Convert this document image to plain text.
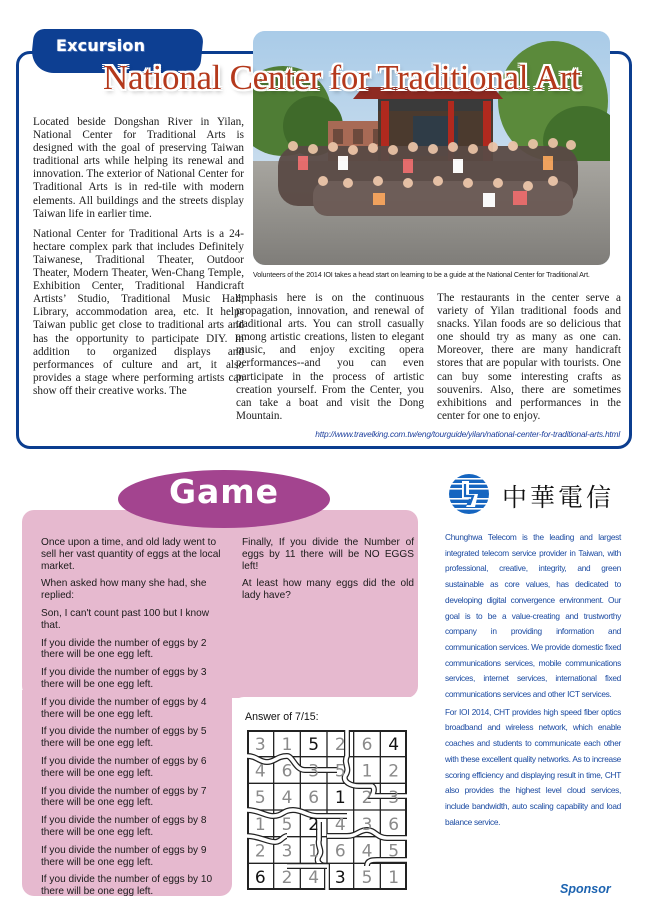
Excursion
National Center for Traditional Art
Volunteers of the 2014 IOI takes a head start on learning to be a guide at the National Center for Traditional Art.

Located beside Dongshan River in Yilan, National Center for Traditional Arts is designed with the goal of preserving Taiwan traditional arts while helping its renewal and innovation. The exterior of National Center for Traditional Arts is in red-tile with modern elements. All buildings and the streets display Taiwan life in earlier time.

National Center for Traditional Arts is a 24-hectare complex park that includes Definitely Taiwanese, Traditional Theater, Outdoor Theater, Modern Theater, Wen-Chang Temple, Exhibition Center, Traditional Handicraft Artists’ Studio, Traditional Music Hall, Library, accommodation area, etc. It helps Taiwan public get close to traditional arts and has the opportunity to participate DIY. In addition to organized displays and performances of culture and art, it also provides a stage where performing artists can show off their creative works. The

emphasis here is on the continuous propagation, innovation, and renewal of traditional arts. You can stroll casually among artistic creations, listen to elegant music, and enjoy exciting opera performances--and you can even participate in the process of artistic creation yourself. From the Center, you can take a boat and visit the Dong Mountain.

The restaurants in the center serve a variety of Yilan traditional foods and snacks. Yilan foods are so delicious that one should try as many as one can. Moreover, there are many handicraft stores that are popular with tourists. One can buy some interesting crafts as souvenirs. Also, there are sometimes exhibitions and performances in the center for one to enjoy.

http://www.travelking.com.tw/eng/tourguide/yilan/national-center-for-traditional-arts.html
Game

Once upon a time, and old lady went to sell her vast quantity of eggs at the local market.

When asked how many she had, she replied:

Son, I can't count past 100 but I know that.

If you divide the number of eggs by 2 there will be one egg left.

If you divide the number of eggs by 3 there will be one egg left.

If you divide the number of eggs by 4 there will be one egg left.

If you divide the number of eggs by 5 there will be one egg left.

If you divide the number of eggs by 6 there will be one egg left.

If you divide the number of eggs by 7 there will be one egg left.

If you divide the number of eggs by 8 there will be one egg left.

If you divide the number of eggs by 9 there will be one egg left.

If you divide the number of eggs by 10 there will be one egg left.

Finally, If you divide the Number of eggs by 11 there will be NO EGGS left!

At least how many eggs did the old lady have?

Answer of 7/15:
3 1 5 2 6 4
4 6 3 5 1 2
5 4 6 1 2 3
1 5 2 4 3 6
2 3 1 6 4 5
6 2 4 3 5 1
中華電信

Chunghwa Telecom is the leading and largest integrated telecom service provider in Taiwan, with professional, creative, integrity, and green sustainable as core values, has dedicated to developing digital convergence environment. Our goal is to be a value-creating and trustworthy company in providing information and communication services. We provide domestic fixed communications services, mobile communications services, internet services, international fixed communications services and other ICT services.

For IOI 2014, CHT provides high speed fiber optics broadband and wireless network, which enable coaches and students to communicate each other with these excellent quality networks. As to increase scoring efficiency and displaying result in time, CHT also provides the highest level cloud services, include bandwidth, auto scaling capability and load balance service.

Sponsor
